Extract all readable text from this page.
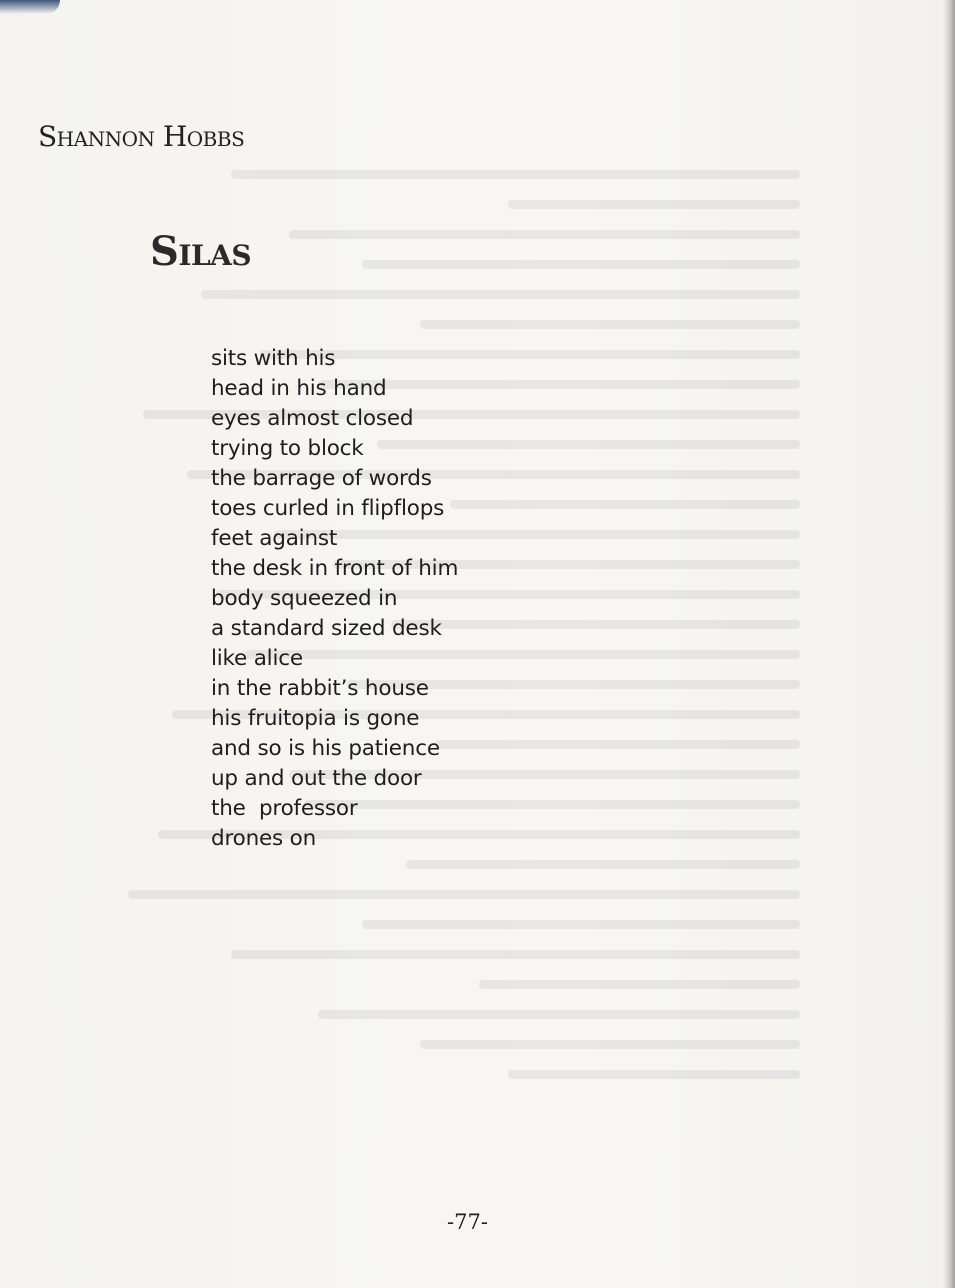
Shannon Hobbs
Silas
sits with his
head in his hand
eyes almost closed
trying to block
the barrage of words
toes curled in flipflops
feet against
the desk in front of him
body squeezed in
a standard sized desk
like alice
in the rabbit’s house
his fruitopia is gone
and so is his patience
up and out the door
the  professor
drones on
-77-
